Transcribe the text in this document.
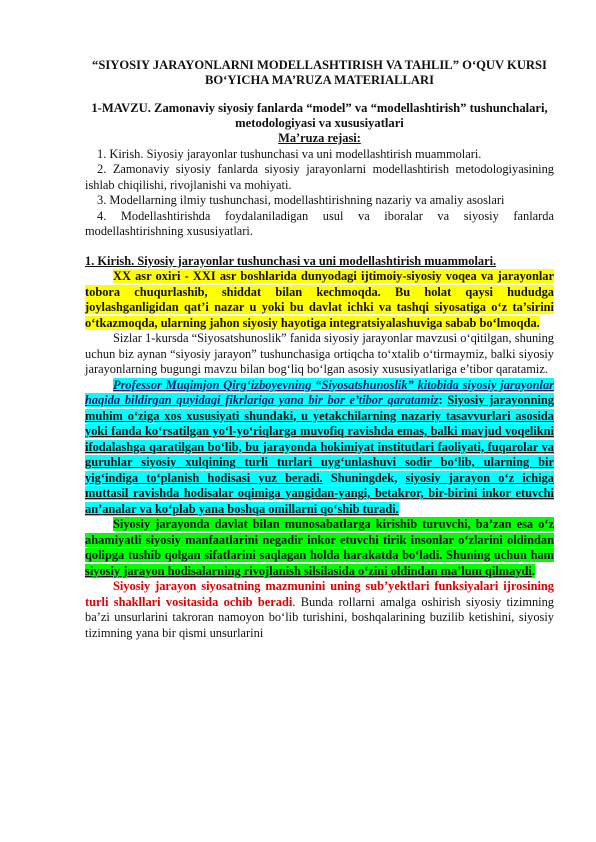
“SIYOSIY JARAYONLARNI MODELLASHTIRISH VA TAHLIL” O‘QUV KURSI BO‘YICHA MA’RUZA MATERIALLARI

1-MAVZU. Zamonaviy siyosiy fanlarda “model” va “modellashtirish” tushunchalari, metodologiyasi va xususiyatlari

Ma’ruza rejasi:

1. Kirish. Siyosiy jarayonlar tushunchasi va uni modellashtirish muammolari.
2. Zamonaviy siyosiy fanlarda siyosiy jarayonlarni modellashtirish metodologiyasining ishlab chiqilishi, rivojlanishi va mohiyati.
3. Modellarning ilmiy tushunchasi, modellashtirishning nazariy va amaliy asoslari
4. Modellashtirishda foydalaniladigan usul va iboralar va siyosiy fanlarda modellashtirishning xususiyatlari.

1. Kirish. Siyosiy jarayonlar tushunchasi va uni modellashtirish muammolari.

XX asr oxiri - XXI asr boshlarida dunyodagi ijtimoiy-siyosiy voqea va jarayonlar tobora chuqurlashib, shiddat bilan kechmoqda. Bu holat qaysi hududga joylashganligidan qat’i nazar u yoki bu davlat ichki va tashqi siyosatiga o‘z ta’sirini o‘tkazmoqda, ularning jahon siyosiy hayotiga integratsiyalashuviga sabab bo‘lmoqda.

Sizlar 1-kursda “Siyosatshunoslik” fanida siyosiy jarayonlar mavzusi o‘qitilgan, shuning uchun biz aynan “siyosiy jarayon” tushunchasiga ortiqcha to‘xtalib o‘tirmaymiz, balki siyosiy jarayonlarning bugungi mavzu bilan bog‘liq bo‘lgan asosiy xususiyatlariga e’tibor qaratamiz.

Professor Muqimjon Qirg‘izboyevning “Siyosatshunoslik” kitobida siyosiy jarayonlar haqida bildirgan quyidagi fikrlariga yana bir bor e’tibor qaratamiz: Siyosiy jarayonning muhim o‘ziga xos xususiyati shundaki, u yetakchilarning nazariy tasavvurlari asosida yoki fanda ko‘rsatilgan yo‘l-yo‘riqlarga muvofiq ravishda emas, balki mavjud voqelikni ifodalashga qaratilgan bo‘lib, bu jarayonda hokimiyat institutlari faoliyati, fuqarolar va guruhlar siyosiy xulqining turli turlari uyg‘unlashuvi sodir bo‘lib, ularning bir yig‘indiga to‘planish hodisasi yuz beradi. Shuningdek, siyosiy jarayon o‘z ichiga muttasil ravishda hodisalar oqimiga yangidan-yangi, betakror, bir-birini inkor etuvchi an’analar va ko‘plab yana boshqa omillarni qo‘shib turadi.

Siyosiy jarayonda davlat bilan munosabatlarga kirishib turuvchi, ba’zan esa o‘z ahamiyatli siyosiy manfaatlarini negadir inkor etuvchi tirik insonlar o‘zlarini oldindan qolipga tushib qolgan sifatlarini saqlagan holda harakatda bo‘ladi. Shuning uchun ham siyosiy jarayon hodisalarning rivojlanish silsilasida o‘zini oldindan ma’lum qilmaydi.

Siyosiy jarayon siyosatning mazmunini uning sub’yektlari funksiyalari ijrosining turli shakllari vositasida ochib beradi. Bunda rollarni amalga oshirish siyosiy tizimning ba’zi unsurlarini takroran namoyon bo‘lib turishini, boshqalarining buzilib ketishini, siyosiy tizimning yana bir qismi unsurlarini
